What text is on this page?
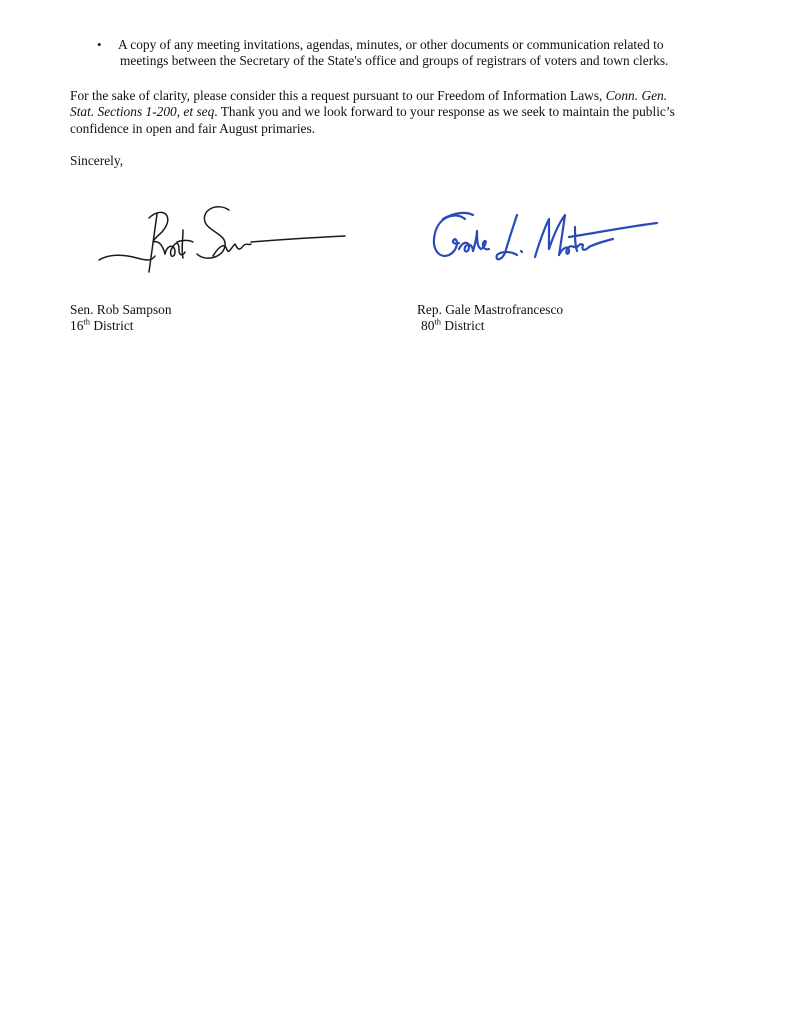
•	A copy of any meeting invitations, agendas, minutes, or other documents or communication related to
meetings between the Secretary of the State's office and groups of registrars of voters and town clerks.
For the sake of clarity, please consider this a request pursuant to our Freedom of Information Laws, Conn. Gen.
Stat. Sections 1-200, et seq. Thank you and we look forward to your response as we seek to maintain the public’s
confidence in open and fair August primaries.
Sincerely,
Sen. Rob Sampson
16th District
Rep. Gale Mastrofrancesco
80th District
